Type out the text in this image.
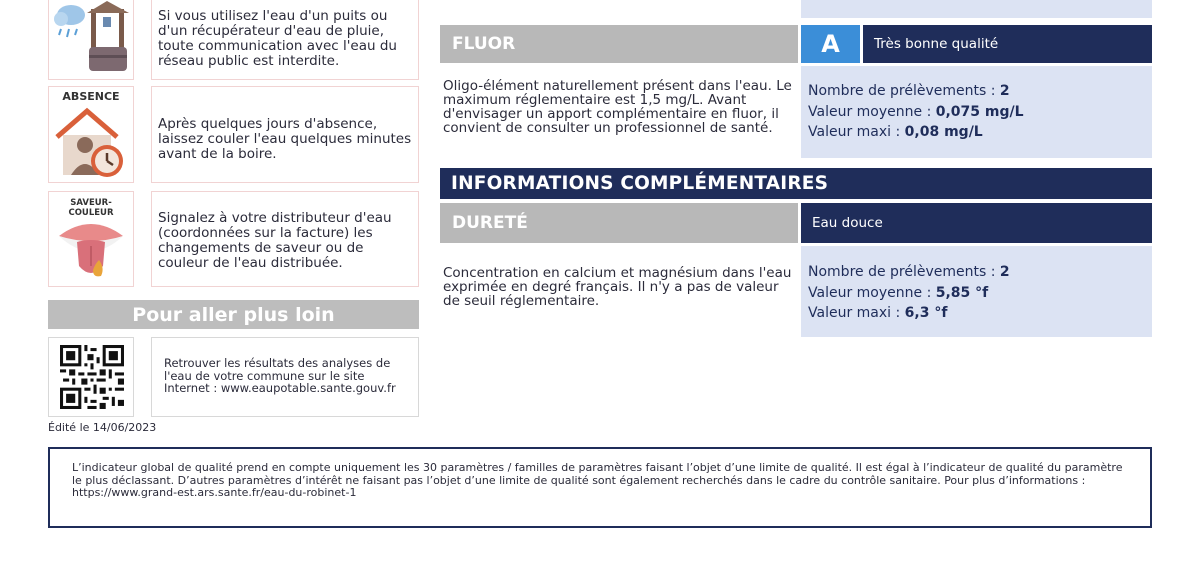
Si vous utilisez l'eau d'un puits ou d'un récupérateur d'eau de pluie, toute communication avec l'eau du réseau public est interdite.
ABSENCE
Après quelques jours d'absence, laissez couler l'eau quelques minutes avant de la boire.
SAVEUR-COULEUR	Signalez à votre distributeur d'eau (coordonnées sur la facture) les changements de saveur ou de couleur de l'eau distribuée.
Pour aller plus loin
Retrouver les résultats des analyses de l'eau de votre commune sur le site Internet : www.eaupotable.sante.gouv.fr
Édité le 14/06/2023
FLUOR	A	Très bonne qualité
Oligo-élément naturellement présent dans l'eau. Le maximum réglementaire est 1,5 mg/L. Avant d'envisager un apport complémentaire en fluor, il convient de consulter un professionnel de santé.
Nombre de prélèvements : 2
Valeur moyenne : 0,075 mg/L
Valeur maxi : 0,08 mg/L
INFORMATIONS COMPLÉMENTAIRES
DURETÉ	Eau douce
Concentration en calcium et magnésium dans l'eau exprimée en degré français. Il n'y a pas de valeur de seuil réglementaire.
Nombre de prélèvements : 2
Valeur moyenne : 5,85 °f
Valeur maxi : 6,3 °f
L’indicateur global de qualité prend en compte uniquement les 30 paramètres / familles de paramètres faisant l’objet d’une limite de qualité. Il est égal à l’indicateur de qualité du paramètre le plus déclassant. D’autres paramètres d’intérêt ne faisant pas l’objet d’une limite de qualité sont également recherchés dans le cadre du contrôle sanitaire. Pour plus d’informations :
https://www.grand-est.ars.sante.fr/eau-du-robinet-1
